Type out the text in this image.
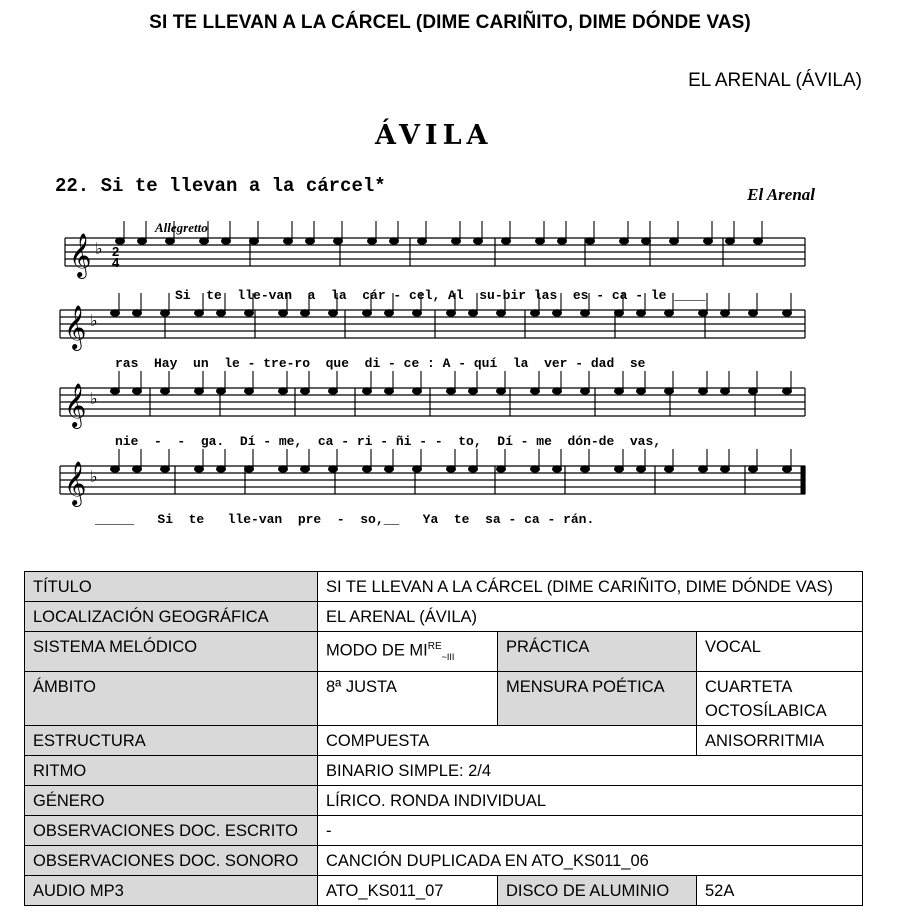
SI TE LLEVAN A LA CÁRCEL (DIME CARIÑITO, DIME DÓNDE VAS)
EL ARENAL (ÁVILA)
ÁVILA
22. Si te llevan a la cárcel*	El Arenal
Allegretto
𝄞 ♭
𝄞 ♭
𝄞 ♭
𝄞 ♭
2
4
Si  te  lle-van  a  la  cár - cel, Al  su-bir las  es - ca - le ____
ras  Hay  un  le - tre-ro  que  di - ce : A - quí  la  ver - dad  se
nie  -  -  ga.  Dí - me,  ca - ri - ñi - -  to,  Dí - me  dón-de  vas,
_____   Si  te   lle-van  pre  -  so,__   Ya  te  sa - ca - rán.
TÍTULO	SI TE LLEVAN A LA CÁRCEL (DIME CARIÑITO, DIME DÓNDE VAS)		
LOCALIZACIÓN GEOGRÁFICA	EL ARENAL (ÁVILA)		
SISTEMA MELÓDICO	MODO DE $MIRE_{\sim III}$	PRÁCTICA	VOCAL
ÁMBITO	8ª JUSTA	MENSURA POÉTICA	CUARTETA OCTOSÍLABICA
ESTRUCTURA	COMPUESTA		ANISORRITMIA
RITMO	BINARIO SIMPLE: 2/4		
GÉNERO	LÍRICO. RONDA INDIVIDUAL		
OBSERVACIONES DOC. ESCRITO	-		
OBSERVACIONES DOC. SONORO	CANCIÓN DUPLICADA EN ATO_KS011_06		
AUDIO MP3	ATO_KS011_07	DISCO DE ALUMINIO	52A
